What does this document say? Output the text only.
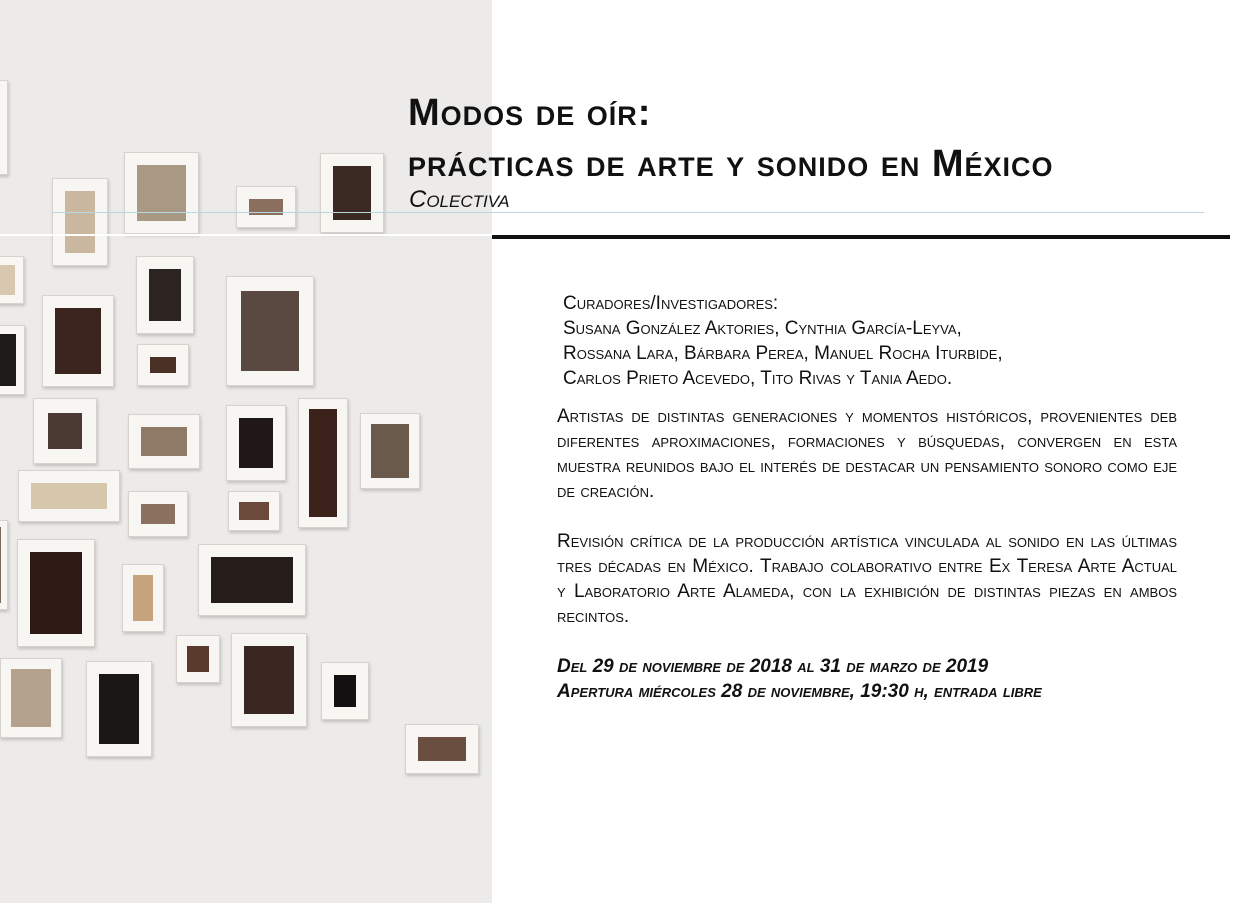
Modos de oír:
prácticas de arte y sonido en México
Colectiva
Curadores/Investigadores:
Susana González Aktories, Cynthia García-Leyva,
Rossana Lara, Bárbara Perea, Manuel Rocha Iturbide,
Carlos Prieto Acevedo, Tito Rivas y Tania Aedo.
Artistas de distintas generaciones y momentos históricos, provenientes deb diferentes aproximaciones, formaciones y búsquedas, convergen en esta muestra reunidos bajo el interés de destacar un pensamiento sonoro como eje de creación.
Revisión crítica de la producción artística vinculada al sonido en las últimas tres décadas en México. Trabajo colaborativo entre Ex Teresa Arte Actual y Laboratorio Arte Alameda, con la exhibición de distintas piezas en ambos recintos.
Del 29 de noviembre de 2018 al 31 de marzo de 2019
Apertura miércoles 28 de noviembre, 19:30 h, entrada libre
